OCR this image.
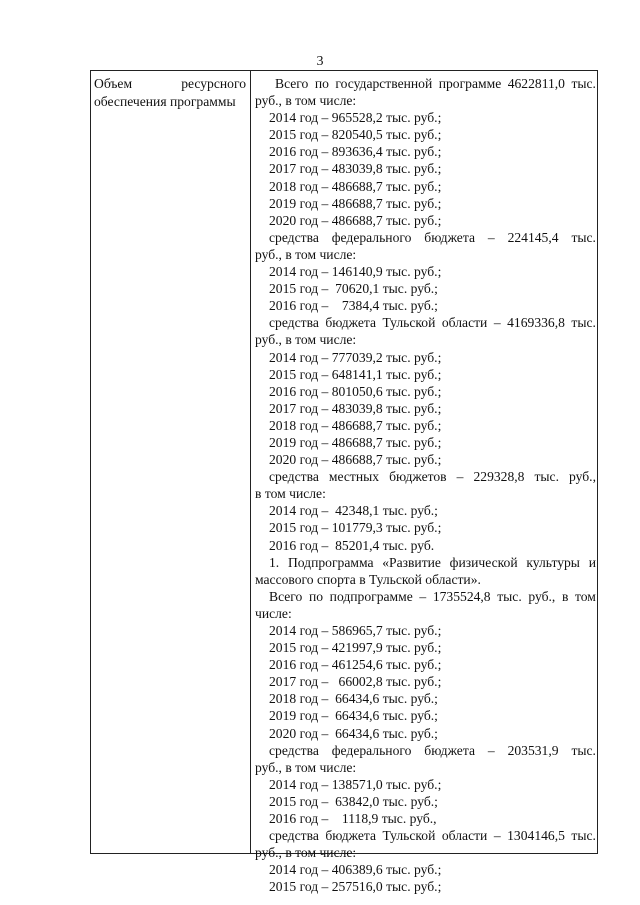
3
Объем	ресурсного
обеспечения программы
Всего по государственной программе 4622811,0 тыс.
руб., в том числе:
2014 год – 965528,2 тыс. руб.;
2015 год – 820540,5 тыс. руб.;
2016 год – 893636,4 тыс. руб.;
2017 год – 483039,8 тыс. руб.;
2018 год – 486688,7 тыс. руб.;
2019 год – 486688,7 тыс. руб.;
2020 год – 486688,7 тыс. руб.;
средства федерального бюджета – 224145,4 тыс.
руб., в том числе:
2014 год – 146140,9 тыс. руб.;
2015 год –  70620,1 тыс. руб.;
2016 год –    7384,4 тыс. руб.;
средства бюджета Тульской области – 4169336,8 тыс.
руб., в том числе:
2014 год – 777039,2 тыс. руб.;
2015 год – 648141,1 тыс. руб.;
2016 год – 801050,6 тыс. руб.;
2017 год – 483039,8 тыс. руб.;
2018 год – 486688,7 тыс. руб.;
2019 год – 486688,7 тыс. руб.;
2020 год – 486688,7 тыс. руб.;
средства местных бюджетов – 229328,8 тыс. руб.,
в том числе:
2014 год –  42348,1 тыс. руб.;
2015 год – 101779,3 тыс. руб.;
2016 год –  85201,4 тыс. руб.
1. Подпрограмма «Развитие физической культуры и
массового спорта в Тульской области».
Всего по подпрограмме – 1735524,8 тыс. руб., в том
числе:
2014 год – 586965,7 тыс. руб.;
2015 год – 421997,9 тыс. руб.;
2016 год – 461254,6 тыс. руб.;
2017 год –   66002,8 тыс. руб.;
2018 год –  66434,6 тыс. руб.;
2019 год –  66434,6 тыс. руб.;
2020 год –  66434,6 тыс. руб.;
средства федерального бюджета – 203531,9 тыс.
руб., в том числе:
2014 год – 138571,0 тыс. руб.;
2015 год –  63842,0 тыс. руб.;
2016 год –    1118,9 тыс. руб.,
средства бюджета Тульской области – 1304146,5 тыс.
руб., в том числе:
2014 год – 406389,6 тыс. руб.;
2015 год – 257516,0 тыс. руб.;
